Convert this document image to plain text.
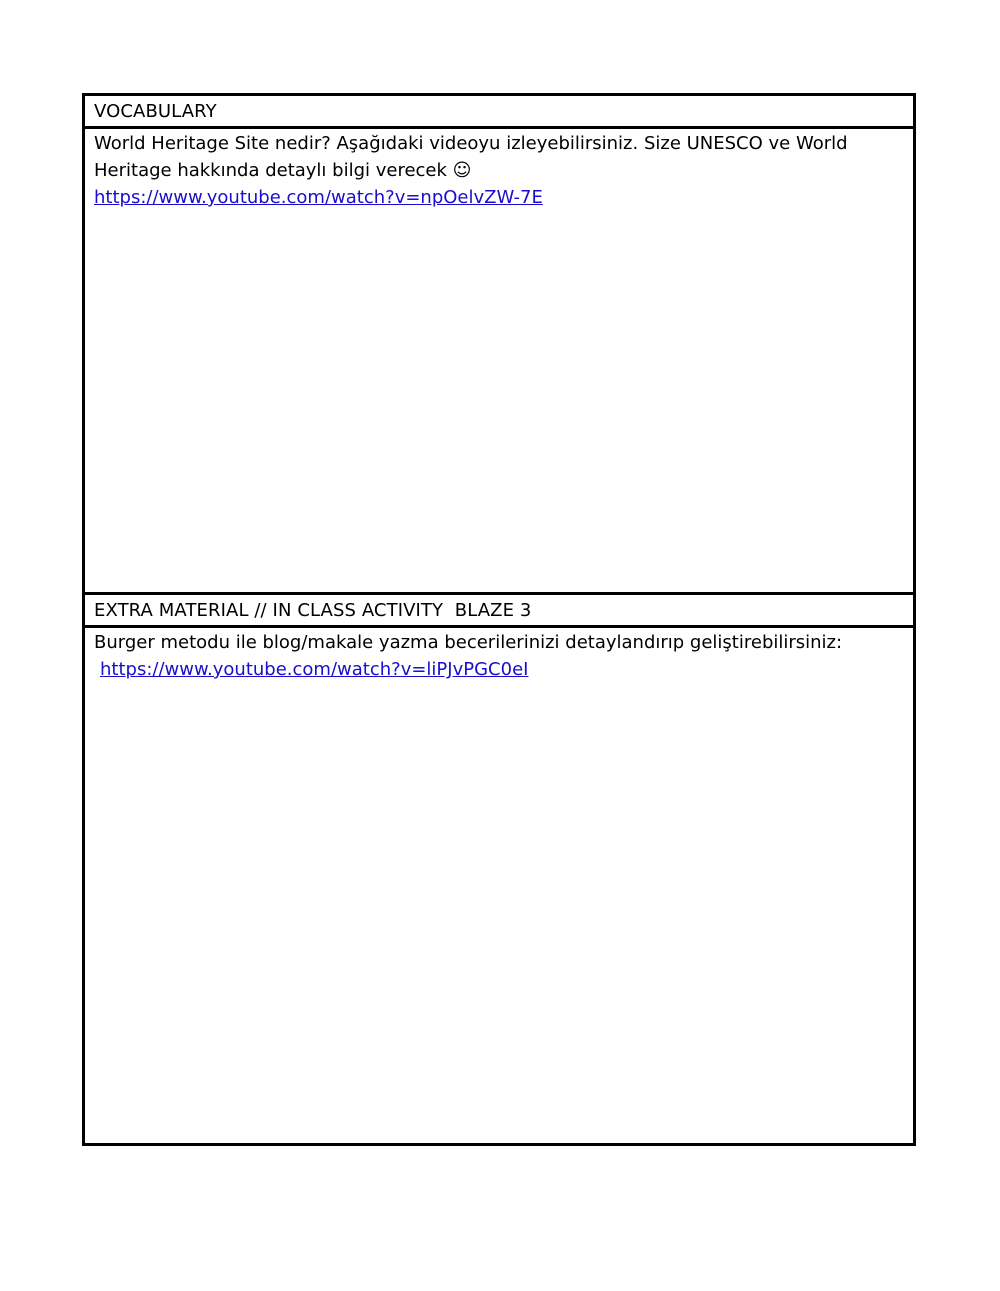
VOCABULARY

World Heritage Site nedir? Aşağıdaki videoyu izleyebilirsiniz. Size UNESCO ve World Heritage hakkında detaylı bilgi verecek ☺

https://www.youtube.com/watch?v=npOelvZW-7E
EXTRA MATERIAL // IN CLASS ACTIVITY  BLAZE 3

Burger metodu ile blog/makale yazma becerilerinizi detaylandırıp geliştirebilirsiniz:

https://www.youtube.com/watch?v=liPJvPGC0eI
